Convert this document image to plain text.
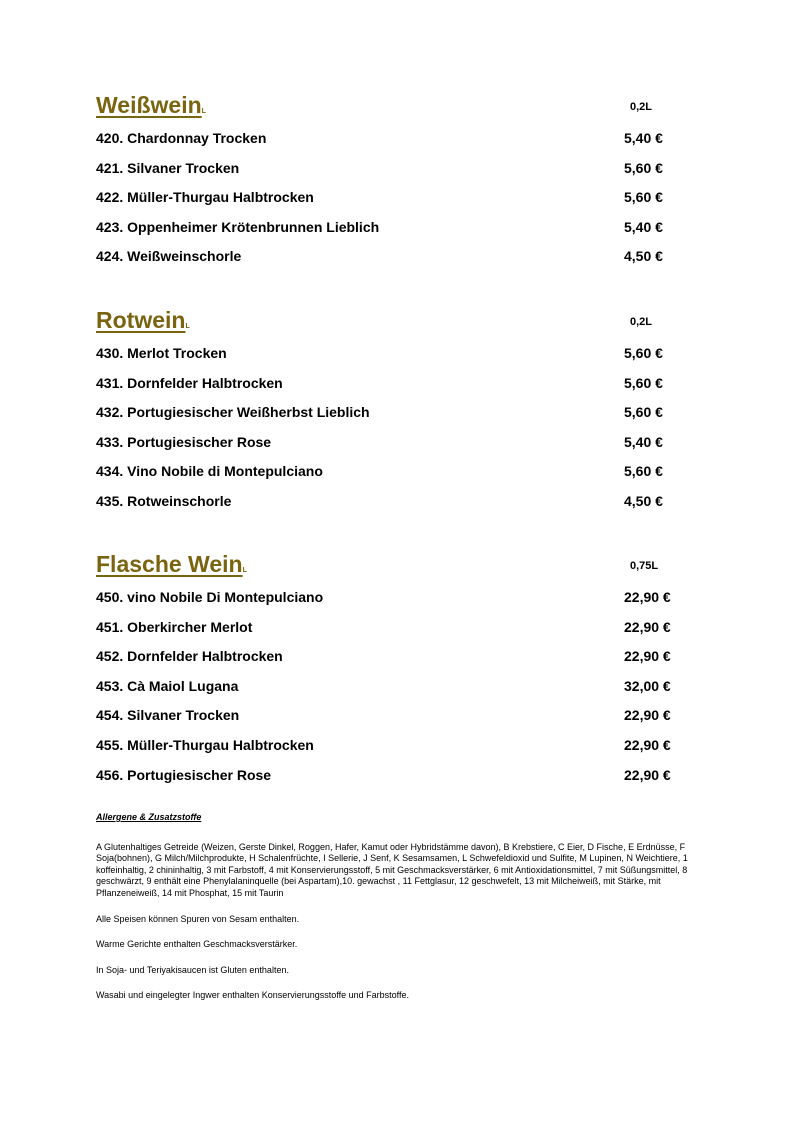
WeißweinL	0,2L
420. Chardonnay Trocken	5,40 €
421. Silvaner Trocken	5,60 €
422. Müller-Thurgau Halbtrocken	5,60 €
423. Oppenheimer Krötenbrunnen Lieblich	5,40 €
424. Weißweinschorle	4,50 €
RotweinL	0,2L
430. Merlot Trocken	5,60 €
431. Dornfelder Halbtrocken	5,60 €
432. Portugiesischer Weißherbst Lieblich	5,60 €
433. Portugiesischer Rose	5,40 €
434. Vino Nobile di Montepulciano	5,60 €
435. Rotweinschorle	4,50 €
Flasche WeinL	0,75L
450. vino Nobile Di Montepulciano	22,90 €
451. Oberkircher Merlot	22,90 €
452. Dornfelder Halbtrocken	22,90 €
453. Cà Maiol Lugana	32,00 €
454. Silvaner Trocken	22,90 €
455. Müller-Thurgau Halbtrocken	22,90 €
456. Portugiesischer Rose	22,90 €
Allergene & Zusatzstoffe
A Glutenhaltiges Getreide (Weizen, Gerste Dinkel, Roggen, Hafer, Kamut oder Hybridstämme davon), B Krebstiere, C Eier, D Fische, E Erdnüsse, F Soja(bohnen), G Milch/Milchprodukte, H Schalenfrüchte, I Sellerie, J Senf, K Sesamsamen, L Schwefeldioxid und Sulfite, M Lupinen, N Weichtiere, 1 koffeinhaltig, 2 chininhaltig, 3 mit Farbstoff, 4 mit Konservierungsstoff, 5 mit Geschmacksverstärker, 6 mit Antioxidationsmittel, 7 mit Süßungsmittel, 8 geschwärzt, 9 enthält eine Phenylalaninquelle (bei Aspartam),10. gewachst , 11 Fettglasur, 12 geschwefelt, 13 mit Milcheiweiß, mit Stärke, mit Pflanzeneiweiß, 14 mit Phosphat, 15 mit Taurin
Alle Speisen können Spuren von Sesam enthalten.
Warme Gerichte enthalten Geschmacksverstärker.
In Soja- und Teriyakisaucen ist Gluten enthalten.
Wasabi und eingelegter Ingwer enthalten Konservierungsstoffe und Farbstoffe.
